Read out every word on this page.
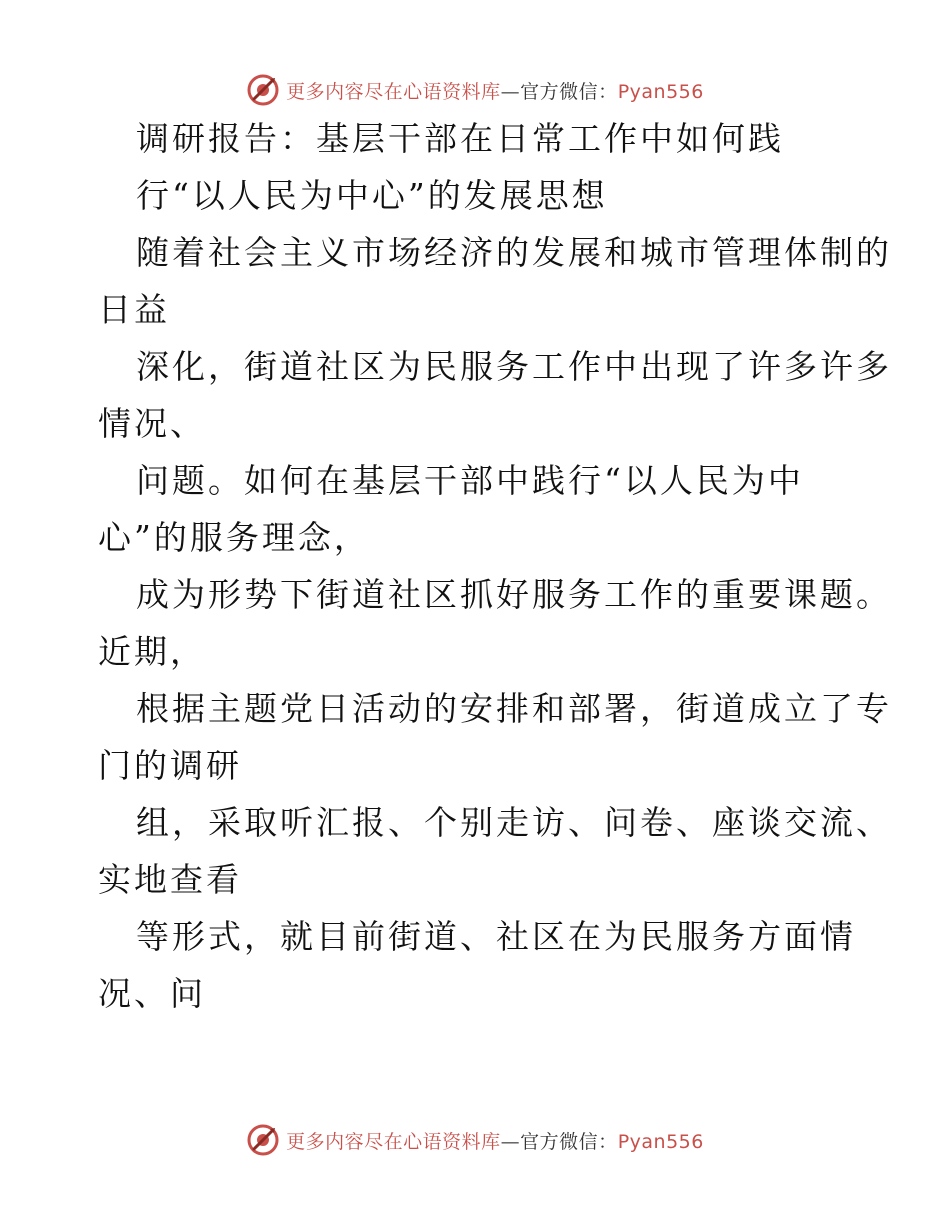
更多内容尽在心语资料库—官方微信：Pyan556
调研报告：基层干部在日常工作中如何践
行“以人民为中心”的发展思想
随着社会主义市场经济的发展和城市管理体制的
日益
深化，街道社区为民服务工作中出现了许多许多
情况、
问题。如何在基层干部中践行“以人民为中
心”的服务理念，
成为形势下街道社区抓好服务工作的重要课题。
近期，
根据主题党日活动的安排和部署，街道成立了专
门的调研
组，采取听汇报、个别走访、问卷、座谈交流、
实地查看
等形式，就目前街道、社区在为民服务方面情
况、问
更多内容尽在心语资料库—官方微信：Pyan556
